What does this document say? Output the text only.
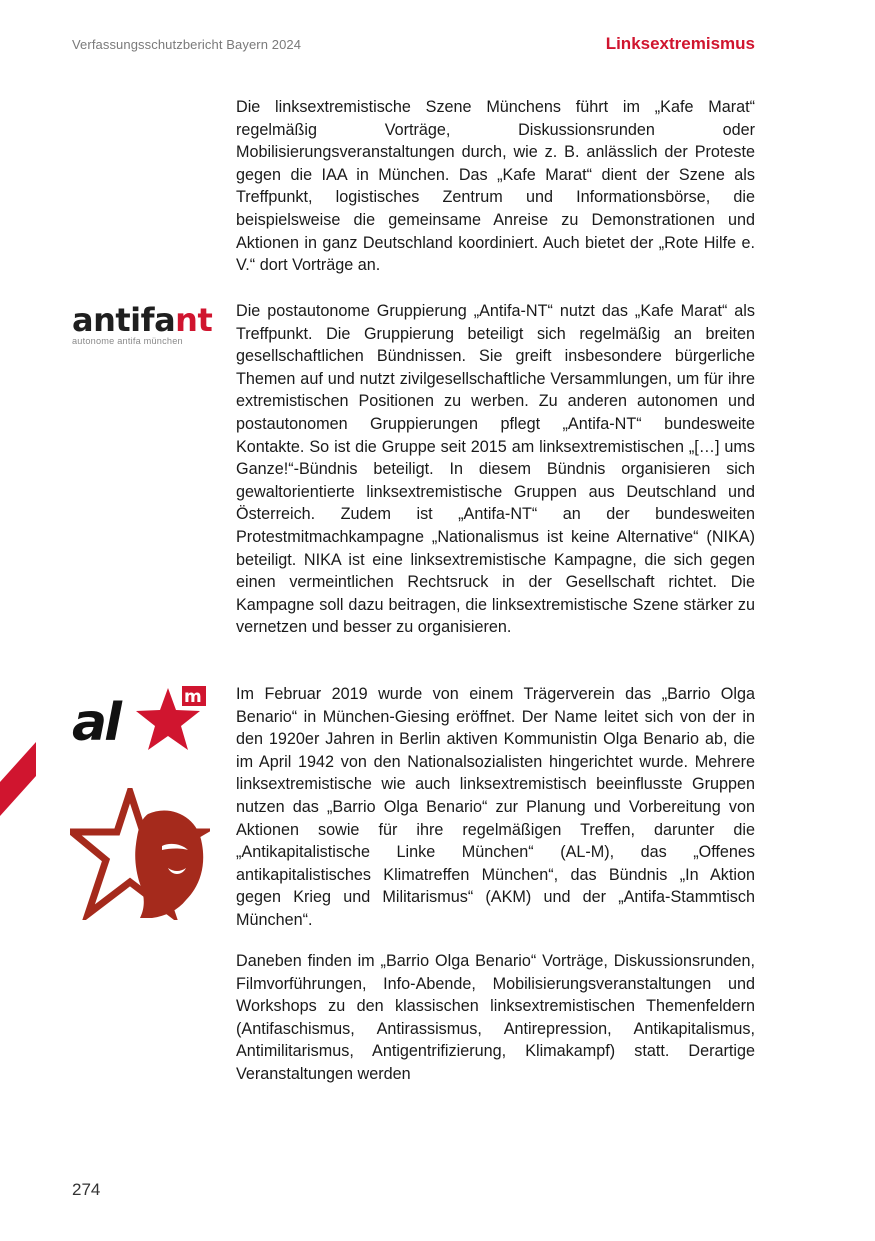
Verfassungsschutzbericht Bayern 2024	Linksextremismus

Die linksextremistische Szene Münchens führt im „Kafe Marat“ regelmäßig Vorträge, Diskussionsrunden oder Mobilisierungsveranstaltungen durch, wie z. B. anlässlich der Proteste gegen die IAA in München. Das „Kafe Marat“ dient der Szene als Treffpunkt, logistisches Zentrum und Informationsbörse, die beispielsweise die gemeinsame Anreise zu Demonstrationen und Aktionen in ganz Deutschland koordiniert. Auch bietet der „Rote Hilfe e. V.“ dort Vorträge an.

antifant
autonome antifa münchen

Die postautonome Gruppierung „Antifa-NT“ nutzt das „Kafe Marat“ als Treffpunkt. Die Gruppierung beteiligt sich regelmäßig an breiten gesellschaftlichen Bündnissen. Sie greift insbesondere bürgerliche Themen auf und nutzt zivilgesellschaftliche Versammlungen, um für ihre extremistischen Positionen zu werben. Zu anderen autonomen und postautonomen Gruppierungen pflegt „Antifa-NT“ bundesweite Kontakte. So ist die Gruppe seit 2015 am linksextremistischen „[…] ums Ganze!“-Bündnis beteiligt. In diesem Bündnis organisieren sich gewaltorientierte linksextremistische Gruppen aus Deutschland und Österreich. Zudem ist „Antifa-NT“ an der bundesweiten Protestmitmachkampagne „Nationalismus ist keine Alternative“ (NIKA) beteiligt. NIKA ist eine linksextremistische Kampagne, die sich gegen einen vermeintlichen Rechtsruck in der Gesellschaft richtet. Die Kampagne soll dazu beitragen, die linksextremistische Szene stärker zu vernetzen und besser zu organisieren.

al	m Im Februar 2019 wurde von einem Trägerverein das „Barrio Olga Benario“ in München-Giesing eröffnet. Der Name leitet sich von der in den 1920er Jahren in Berlin aktiven Kommunistin Olga Benario ab, die im April 1942 von den Nationalsozialisten hingerichtet wurde. Mehrere linksextremistische wie auch linksextremistisch beeinflusste Gruppen nutzen das „Barrio Olga Benario“ zur Planung und Vorbereitung von Aktionen sowie für ihre regelmäßigen Treffen, darunter die „Antikapitalistische Linke München“ (AL-M), das „Offenes antikapitalistisches Klimatreffen München“, das Bündnis „In Aktion gegen Krieg und Militarismus“ (AKM) und der „Antifa-Stammtisch München“.

Daneben finden im „Barrio Olga Benario“ Vorträge, Diskussionsrunden, Filmvorführungen, Info-Abende, Mobilisierungsveranstaltungen und Workshops zu den klassischen linksextremistischen Themenfeldern (Antifaschismus, Antirassismus, Antirepression, Antikapitalismus, Antimilitarismus, Antigentrifizierung, Klimakampf) statt. Derartige Veranstaltungen werden

274
